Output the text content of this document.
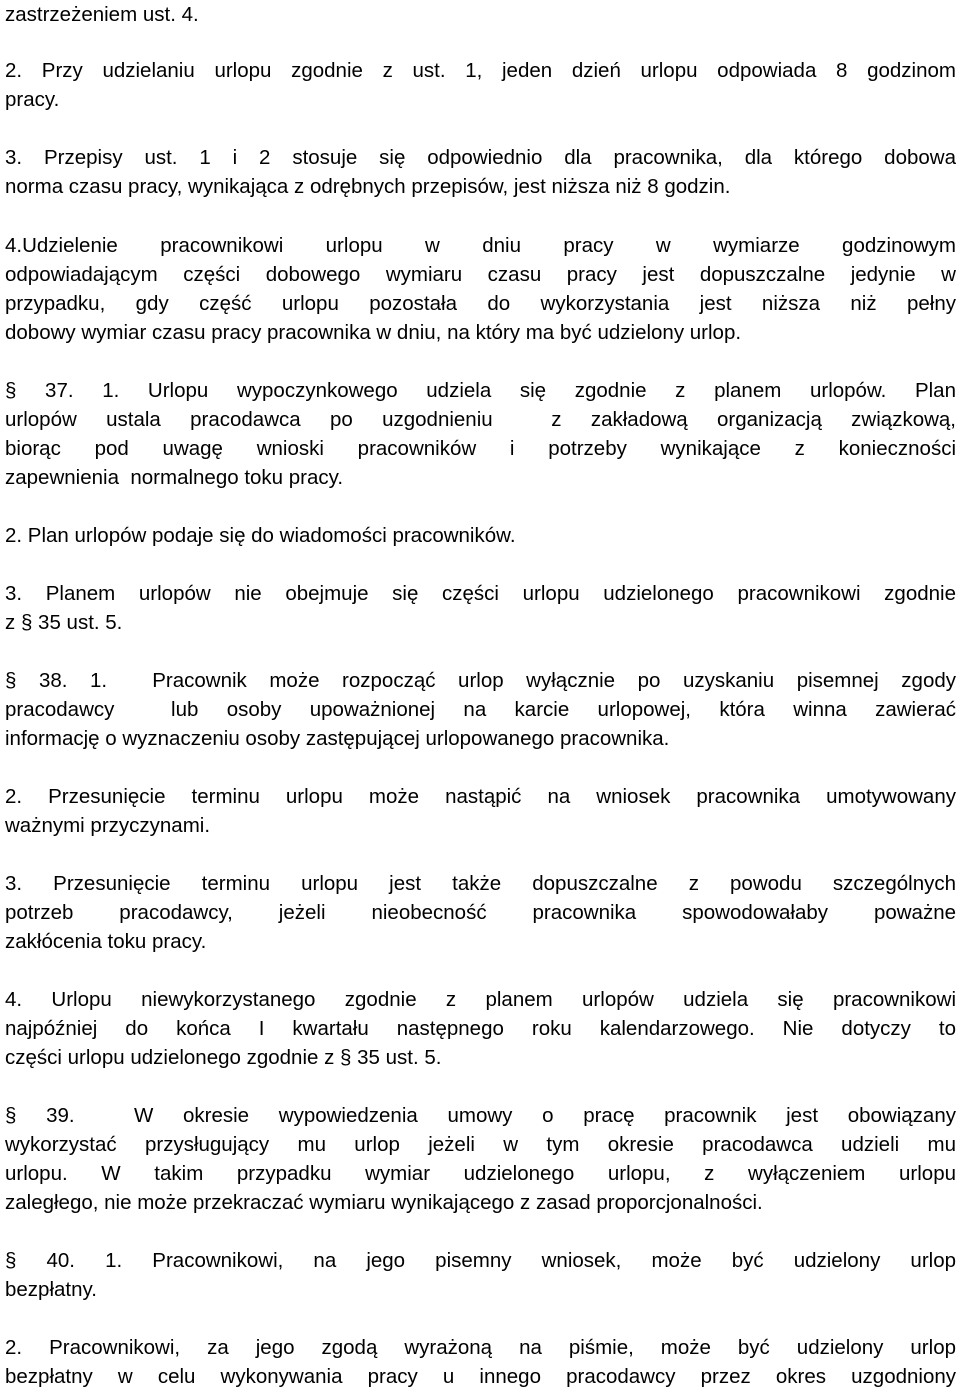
zastrzeżeniem ust. 4.
2. Przy udzielaniu urlopu zgodnie z ust. 1, jeden dzień urlopu odpowiada 8 godzinom
pracy.
3. Przepisy ust. 1 i 2 stosuje się odpowiednio dla pracownika, dla którego dobowa
norma czasu pracy, wynikająca z odrębnych przepisów, jest niższa niż 8 godzin.
4.Udzielenie pracownikowi urlopu w dniu pracy w wymiarze godzinowym
odpowiadającym części dobowego wymiaru czasu pracy jest dopuszczalne jedynie w
przypadku, gdy część urlopu pozostała do wykorzystania jest niższa niż pełny
dobowy wymiar czasu pracy pracownika w dniu, na który ma być udzielony urlop.
§ 37. 1. Urlopu wypoczynkowego udziela się zgodnie z planem urlopów. Plan
urlopów ustala pracodawca po uzgodnieniu  z zakładową organizacją związkową,
biorąc pod uwagę wnioski pracowników i potrzeby wynikające z konieczności
zapewnienia  normalnego toku pracy.
2. Plan urlopów podaje się do wiadomości pracowników.
3. Planem urlopów nie obejmuje się części urlopu udzielonego pracownikowi zgodnie
z § 35 ust. 5.
§ 38. 1.  Pracownik może rozpocząć urlop wyłącznie po uzyskaniu pisemnej zgody
pracodawcy  lub osoby upoważnionej na karcie urlopowej, która winna zawierać
informację o wyznaczeniu osoby zastępującej urlopowanego pracownika.
2. Przesunięcie terminu urlopu może nastąpić na wniosek pracownika umotywowany
ważnymi przyczynami.
3. Przesunięcie terminu urlopu jest także dopuszczalne z powodu szczególnych
potrzeb pracodawcy, jeżeli nieobecność pracownika spowodowałaby poważne
zakłócenia toku pracy.
4. Urlopu niewykorzystanego zgodnie z planem urlopów udziela się pracownikowi
najpóźniej do końca I kwartału następnego roku kalendarzowego. Nie dotyczy to
części urlopu udzielonego zgodnie z § 35 ust. 5.
§ 39.  W okresie wypowiedzenia umowy o pracę pracownik jest obowiązany
wykorzystać przysługujący mu urlop jeżeli w tym okresie pracodawca udzieli mu
urlopu. W takim przypadku wymiar udzielonego urlopu, z wyłączeniem urlopu
zaległego, nie może przekraczać wymiaru wynikającego z zasad proporcjonalności.
§ 40. 1. Pracownikowi, na jego pisemny wniosek, może być udzielony urlop
bezpłatny.
2. Pracownikowi, za jego zgodą wyrażoną na piśmie, może być udzielony urlop
bezpłatny w celu wykonywania pracy u innego pracodawcy przez okres uzgodniony
